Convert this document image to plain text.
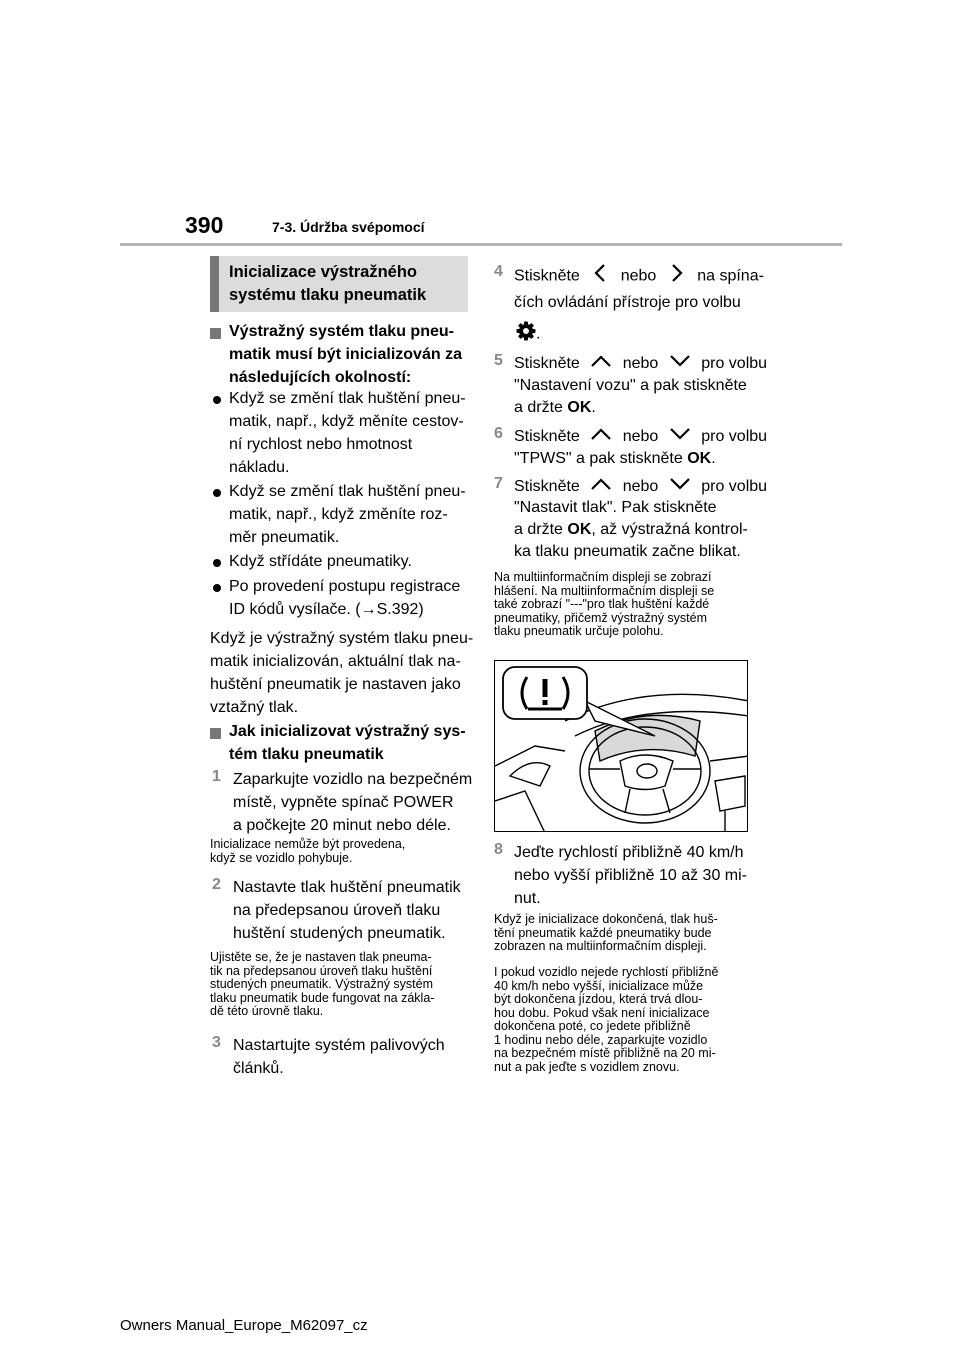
390	7-3. Údržba svépomocí
Inicializace výstražného
systému tlaku pneumatik
Výstražný systém tlaku pneu-
matik musí být inicializován za
následujících okolností:
Když se změní tlak huštění pneu-
matik, např., když měníte cestov-
ní rychlost nebo hmotnost
nákladu.
Když se změní tlak huštění pneu-
matik, např., když změníte roz-
měr pneumatik.
Když střídáte pneumatiky.
Po provedení postupu registrace
ID kódů vysílače. (→S.392)
Když je výstražný systém tlaku pneu-
matik inicializován, aktuální tlak na-
huštění pneumatik je nastaven jako
vztažný tlak.
Jak inicializovat výstražný sys-
tém tlaku pneumatik
1 Zaparkujte vozidlo na bezpečném
místě, vypněte spínač POWER
a počkejte 20 minut nebo déle.
Inicializace nemůže být provedena,
když se vozidlo pohybuje.
2 Nastavte tlak huštění pneumatik
na předepsanou úroveň tlaku
huštění studených pneumatik.
Ujistěte se, že je nastaven tlak pneuma-
tik na předepsanou úroveň tlaku huštění
studených pneumatik. Výstražný systém
tlaku pneumatik bude fungovat na zákla-
dě této úrovně tlaku.
3 Nastartujte systém palivových
článků.
4 Stiskněte	nebo	na spína-
čích ovládání přístroje pro volbu
.
5 Stiskněte	nebo	pro volbu
"Nastavení vozu" a pak stiskněte
a držte OK.
6 Stiskněte	nebo	pro volbu
"TPWS" a pak stiskněte OK.
7 Stiskněte	nebo	pro volbu
"Nastavit tlak". Pak stiskněte
a držte OK, až výstražná kontrol-
ka tlaku pneumatik začne blikat.
Na multiinformačním displeji se zobrazí
hlášení. Na multiinformačním displeji se
také zobrazí "---"pro tlak huštění každé
pneumatiky, přičemž výstražný systém
tlaku pneumatik určuje polohu.
8 Jeďte rychlostí přibližně 40 km/h
nebo vyšší přibližně 10 až 30 mi-
nut.
Když je inicializace dokončená, tlak huš-
tění pneumatik každé pneumatiky bude
zobrazen na multiinformačním displeji.
I pokud vozidlo nejede rychlostí přibližně
40 km/h nebo vyšší, inicializace může
být dokončena jízdou, která trvá dlou-
hou dobu. Pokud však není inicializace
dokončena poté, co jedete přibližně
1 hodinu nebo déle, zaparkujte vozidlo
na bezpečném místě přibližně na 20 mi-
nut a pak jeďte s vozidlem znovu.
Owners Manual_Europe_M62097_cz
